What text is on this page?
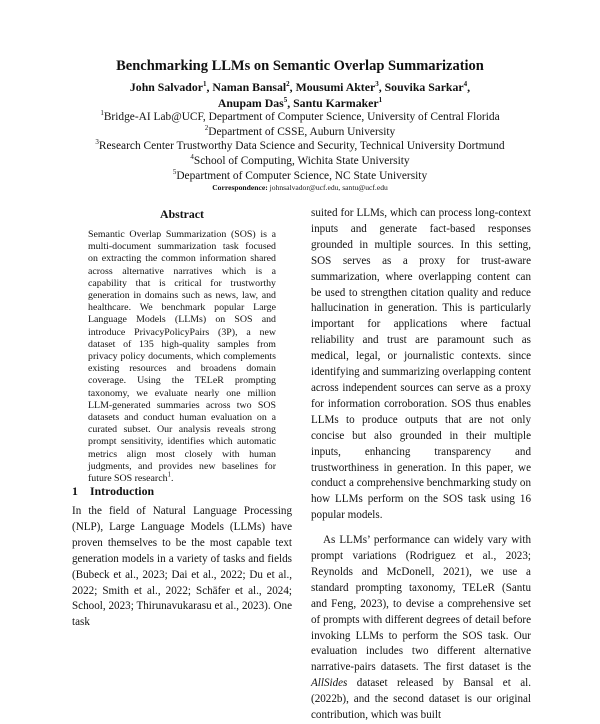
Benchmarking LLMs on Semantic Overlap Summarization
John Salvador$^1$, Naman Bansal$^2$, Mousumi Akter$^3$, Souvika Sarkar$^4$,
Anupam Das$^5$, Santu Karmaker$^1$
$^1$Bridge-AI Lab@UCF, Department of Computer Science, University of Central Florida
$^2$Department of CSSE, Auburn University
$^3$Research Center Trustworthy Data Science and Security, Technical University Dortmund
$^4$School of Computing, Wichita State University
$^5$Department of Computer Science, NC State University
Correspondence: johnsalvador@ucf.edu, santu@ucf.edu
Abstract

Semantic Overlap Summarization (SOS) is a multi-document summarization task focused on extracting the common information shared across alternative narratives which is a capability that is critical for trustworthy generation in domains such as news, law, and healthcare. We benchmark popular Large Language Models (LLMs) on SOS and introduce PrivacyPolicyPairs (3P), a new dataset of 135 high-quality samples from privacy policy documents, which complements existing resources and broadens domain coverage. Using the TELeR prompting taxonomy, we evaluate nearly one million LLM-generated summaries across two SOS datasets and conduct human evaluation on a curated subset. Our analysis reveals strong prompt sensitivity, identifies which automatic metrics align most closely with human judgments, and provides new baselines for future SOS research$^1$.

1 Introduction

In the field of Natural Language Processing (NLP), Large Language Models (LLMs) have proven themselves to be the most capable text generation models in a variety of tasks and fields (Bubeck et al., 2023; Dai et al., 2022; Du et al., 2022; Smith et al., 2022; Schäfer et al., 2024; School, 2023; Thirunavukarasu et al., 2023). One task

suited for LLMs, which can process long-context inputs and generate fact-based responses grounded in multiple sources. In this setting, SOS serves as a proxy for trust-aware summarization, where overlapping content can be used to strengthen citation quality and reduce hallucination in generation. This is particularly important for applications where factual reliability and trust are paramount such as medical, legal, or journalistic contexts. since identifying and summarizing overlapping content across independent sources can serve as a proxy for information corroboration. SOS thus enables LLMs to produce outputs that are not only concise but also grounded in their multiple inputs, enhancing transparency and trustworthiness in generation. In this paper, we conduct a comprehensive benchmarking study on how LLMs perform on the SOS task using 16 popular models.

As LLMs’ performance can widely vary with prompt variations (Rodriguez et al., 2023; Reynolds and McDonell, 2021), we use a standard prompting taxonomy, TELeR (Santu and Feng, 2023), to devise a comprehensive set of prompts with different degrees of detail before invoking LLMs to perform the SOS task. Our evaluation includes two different alternative narrative-pairs datasets. The first dataset is the AllSides dataset released by Bansal et al. (2022b), and the second dataset is our original contribution, which was built
